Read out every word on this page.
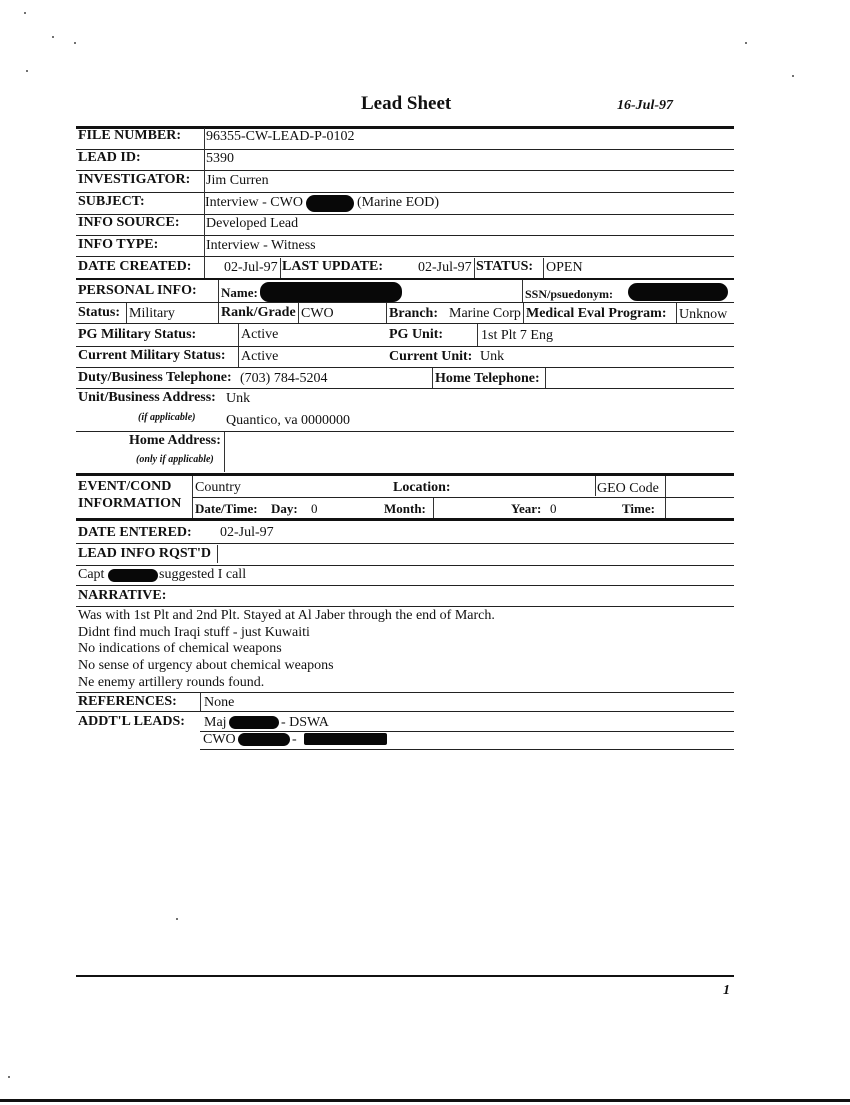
Lead Sheet	16-Jul-97
FILE NUMBER: 96355-CW-LEAD-P-0102
LEAD ID:	5390
INVESTIGATOR: Jim Curren
SUBJECT:	Interview - CWO	(Marine EOD)
INFO SOURCE: Developed Lead
INFO TYPE:	Interview - Witness
DATE CREATED: 02-Jul-97 LAST UPDATE: 02-Jul-97 STATUS: OPEN
PERSONAL INFO: Name:	SSN/psuedonym:
Status: Military	Rank/Grade CWO	Branch: Marine Corp Medical Eval Program: Unknow
PG Military Status:	Active	PG Unit:	1st Plt 7 Eng
Current Military Status: Active	Current Unit: Unk
Duty/Business Telephone: (703) 784-5204	Home Telephone:
Unit/Business Address: Unk
(if applicable) Quantico, va 0000000
Home Address:
(only if applicable)
EVENT/COND
INFORMATION
Country	Location:	GEO Code
Date/Time: Day: 0	Month:	Year: 0	Time:
DATE ENTERED: 02-Jul-97
LEAD INFO RQST'D
Capt	suggested I call
NARRATIVE:
Was with 1st Plt and 2nd Plt. Stayed at Al Jaber through the end of March.
Didnt find much Iraqi stuff - just Kuwaiti
No indications of chemical weapons
No sense of urgency about chemical weapons
Ne enemy artillery rounds found.
REFERENCES: None
ADDT'L LEADS: Maj	- DSWA
CWO	-
1
